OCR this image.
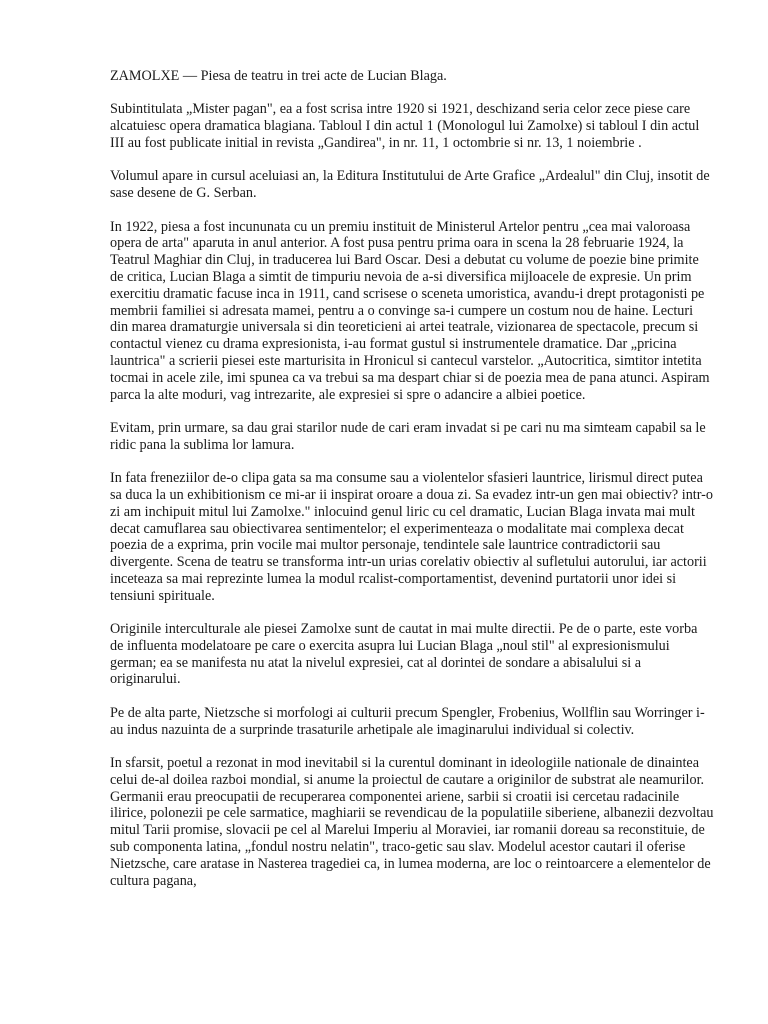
ZAMOLXE — Piesa de teatru in trei acte de Lucian Blaga.

Subintitulata „Mister pagan", ea a fost scrisa intre 1920 si 1921, deschizand seria celor zece piese care alcatuiesc opera dramatica blagiana. Tabloul I din actul 1 (Monologul lui Zamolxe) si tabloul I din actul III au fost publicate initial in revista „Gandirea", in nr. 11, 1 octombrie si nr. 13, 1 noiembrie .

Volumul apare in cursul aceluiasi an, la Editura Institutului de Arte Grafice „Ardealul" din Cluj, insotit de sase desene de G. Serban.

In 1922, piesa a fost incununata cu un premiu instituit de Ministerul Artelor pentru „cea mai valoroasa opera de arta" aparuta in anul anterior. A fost pusa pentru prima oara in scena la 28 februarie 1924, la Teatrul Maghiar din Cluj, in traducerea lui Bard Oscar. Desi a debutat cu volume de poezie bine primite de critica, Lucian Blaga a simtit de timpuriu nevoia de a-si diversifica mijloacele de expresie. Un prim exercitiu dramatic facuse inca in 1911, cand scrisese o sceneta umoristica, avandu-i drept protagonisti pe membrii familiei si adresata mamei, pentru a o convinge sa-i cumpere un costum nou de haine. Lecturi din marea dramaturgie universala si din teoreticieni ai artei teatrale, vizionarea de spectacole, precum si contactul vienez cu drama expresionista, i-au format gustul si instrumentele dramatice. Dar „pricina launtrica" a scrierii piesei este marturisita in Hronicul si cantecul varstelor. „Autocritica, simtitor intetita tocmai in acele zile, imi spunea ca va trebui sa ma despart chiar si de poezia mea de pana atunci. Aspiram parca la alte moduri, vag intrezarite, ale expresiei si spre o adancire a albiei poetice.

Evitam, prin urmare, sa dau grai starilor nude de cari eram invadat si pe cari nu ma simteam capabil sa le ridic pana la sublima lor lamura.

In fata freneziilor de-o clipa gata sa ma consume sau a violentelor sfasieri launtrice, lirismul direct putea sa duca la un exhibitionism ce mi-ar ii inspirat oroare a doua zi. Sa evadez intr-un gen mai obiectiv? intr-o zi am inchipuit mitul lui Zamolxe." inlocuind genul liric cu cel dramatic, Lucian Blaga invata mai mult decat camuflarea sau obiectivarea sentimentelor; el experimenteaza o modalitate mai complexa decat poezia de a exprima, prin vocile mai multor personaje, tendintele sale launtrice contradictorii sau divergente. Scena de teatru se transforma intr-un urias corelativ obiectiv al sufletului autorului, iar actorii inceteaza sa mai reprezinte lumea la modul rcalist-comportamentist, devenind purtatorii unor idei si tensiuni spirituale.

Originile interculturale ale piesei Zamolxe sunt de cautat in mai multe directii. Pe de o parte, este vorba de influenta modelatoare pe care o exercita asupra lui Lucian Blaga „noul stil" al expresionismului german; ea se manifesta nu atat la nivelul expresiei, cat al dorintei de sondare a abisalului si a originarului.

Pe de alta parte, Nietzsche si morfologi ai culturii precum Spengler, Frobenius, Wollflin sau Worringer i-au indus nazuinta de a surprinde trasaturile arhetipale ale imaginarului individual si colectiv.

In sfarsit, poetul a rezonat in mod inevitabil si la curentul dominant in ideologiile nationale de dinaintea celui de-al doilea razboi mondial, si anume la proiectul de cautare a originilor de substrat ale neamurilor. Germanii erau preocupatii de recuperarea componentei ariene, sarbii si croatii isi cercetau radacinile ilirice, polonezii pe cele sarmatice, maghiarii se revendicau de la populatiile siberiene, albanezii dezvoltau mitul Tarii promise, slovacii pe cel al Marelui Imperiu al Moraviei, iar romanii doreau sa reconstituie, de sub componenta latina, „fondul nostru nelatin", traco-getic sau slav. Modelul acestor cautari il oferise Nietzsche, care aratase in Nasterea tragediei ca, in lumea moderna, are loc o reintoarcere a elementelor de cultura pagana,
